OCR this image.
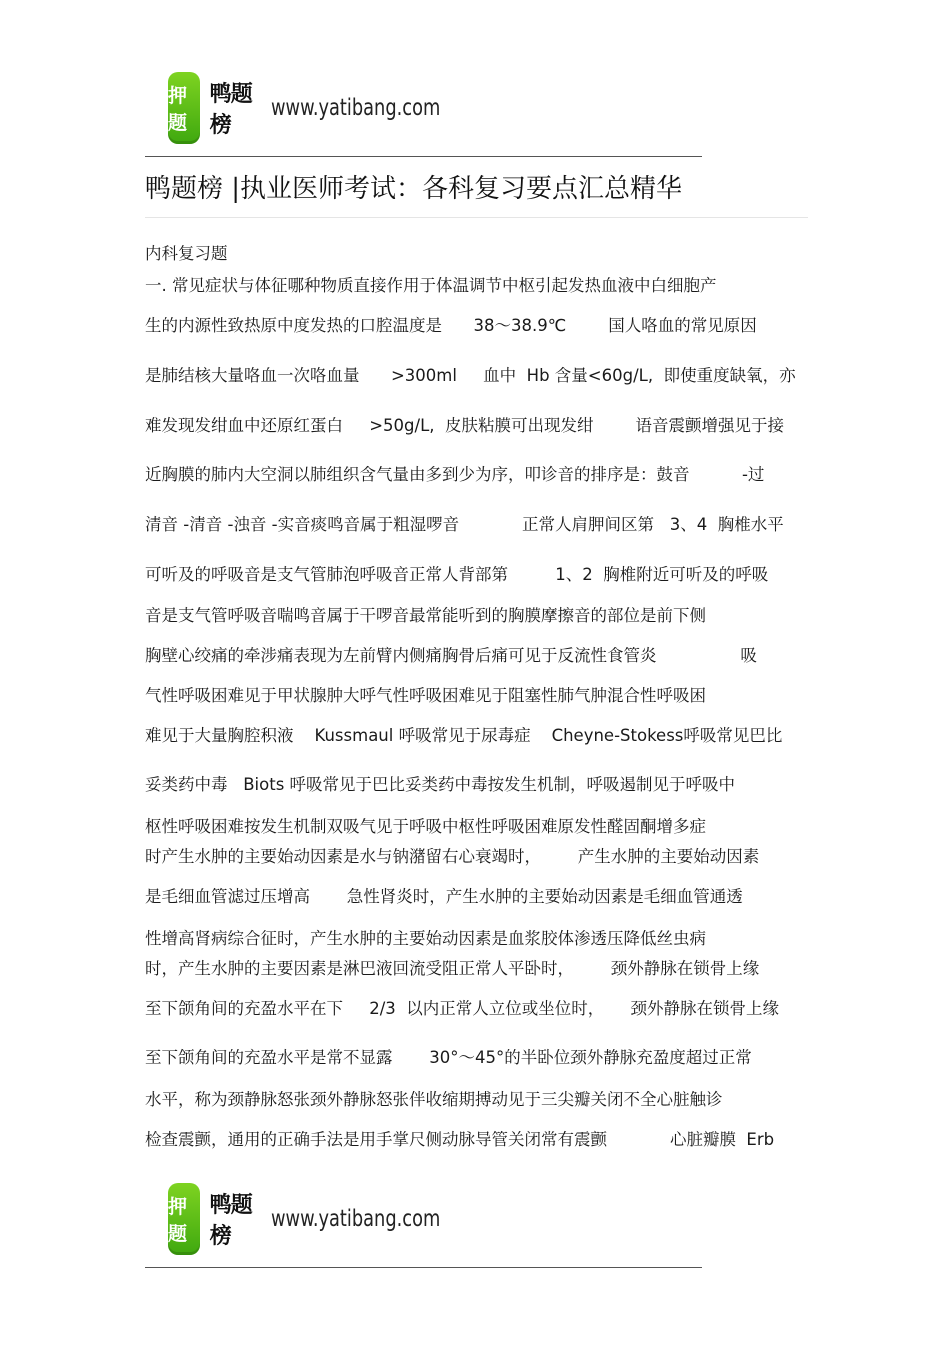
押题
鸭题榜
www.yatibang.com
鸭题榜 |执业医师考试：各科复习要点汇总精华
内科复习题
一. 常见症状与体征哪种物质直接作用于体温调节中枢引起发热血液中白细胞产
生的内源性致热原中度发热的口腔温度是      38～38.9℃        国人咯血的常见原因
是肺结核大量咯血一次咯血量      >300ml     血中  Hb 含量<60g/L,  即使重度缺氧，亦
难发现发绀血中还原红蛋白     >50g/L,  皮肤粘膜可出现发绀        语音震颤增强见于接
近胸膜的肺内大空洞以肺组织含气量由多到少为序，叩诊音的排序是：鼓音          -过
清音 -清音 -浊音 -实音痰鸣音属于粗湿啰音            正常人肩胛间区第   3、4  胸椎水平
可听及的呼吸音是支气管肺泡呼吸音正常人背部第         1、2  胸椎附近可听及的呼吸
音是支气管呼吸音喘鸣音属于干啰音最常能听到的胸膜摩擦音的部位是前下侧
胸壁心绞痛的牵涉痛表现为左前臂内侧痛胸骨后痛可见于反流性食管炎                吸
气性呼吸困难见于甲状腺肿大呼气性呼吸困难见于阻塞性肺气肿混合性呼吸困
难见于大量胸腔积液    Kussmaul 呼吸常见于尿毒症    Cheyne-Stokess呼吸常见巴比
妥类药中毒   Biots 呼吸常见于巴比妥类药中毒按发生机制，呼吸遏制见于呼吸中
枢性呼吸困难按发生机制双吸气见于呼吸中枢性呼吸困难原发性醛固酮增多症
时产生水肿的主要始动因素是水与钠潴留右心衰竭时，       产生水肿的主要始动因素
是毛细血管滤过压增高       急性肾炎时，产生水肿的主要始动因素是毛细血管通透
性增高肾病综合征时，产生水肿的主要始动因素是血浆胶体渗透压降低丝虫病
时，产生水肿的主要因素是淋巴液回流受阻正常人平卧时，       颈外静脉在锁骨上缘
至下颌角间的充盈水平在下     2/3  以内正常人立位或坐位时，     颈外静脉在锁骨上缘
至下颌角间的充盈水平是常不显露       30°～45°的半卧位颈外静脉充盈度超过正常
水平，称为颈静脉怒张颈外静脉怒张伴收缩期搏动见于三尖瓣关闭不全心脏触诊
检查震颤，通用的正确手法是用手掌尺侧动脉导管关闭常有震颤            心脏瓣膜  Erb
押题
鸭题榜
www.yatibang.com
